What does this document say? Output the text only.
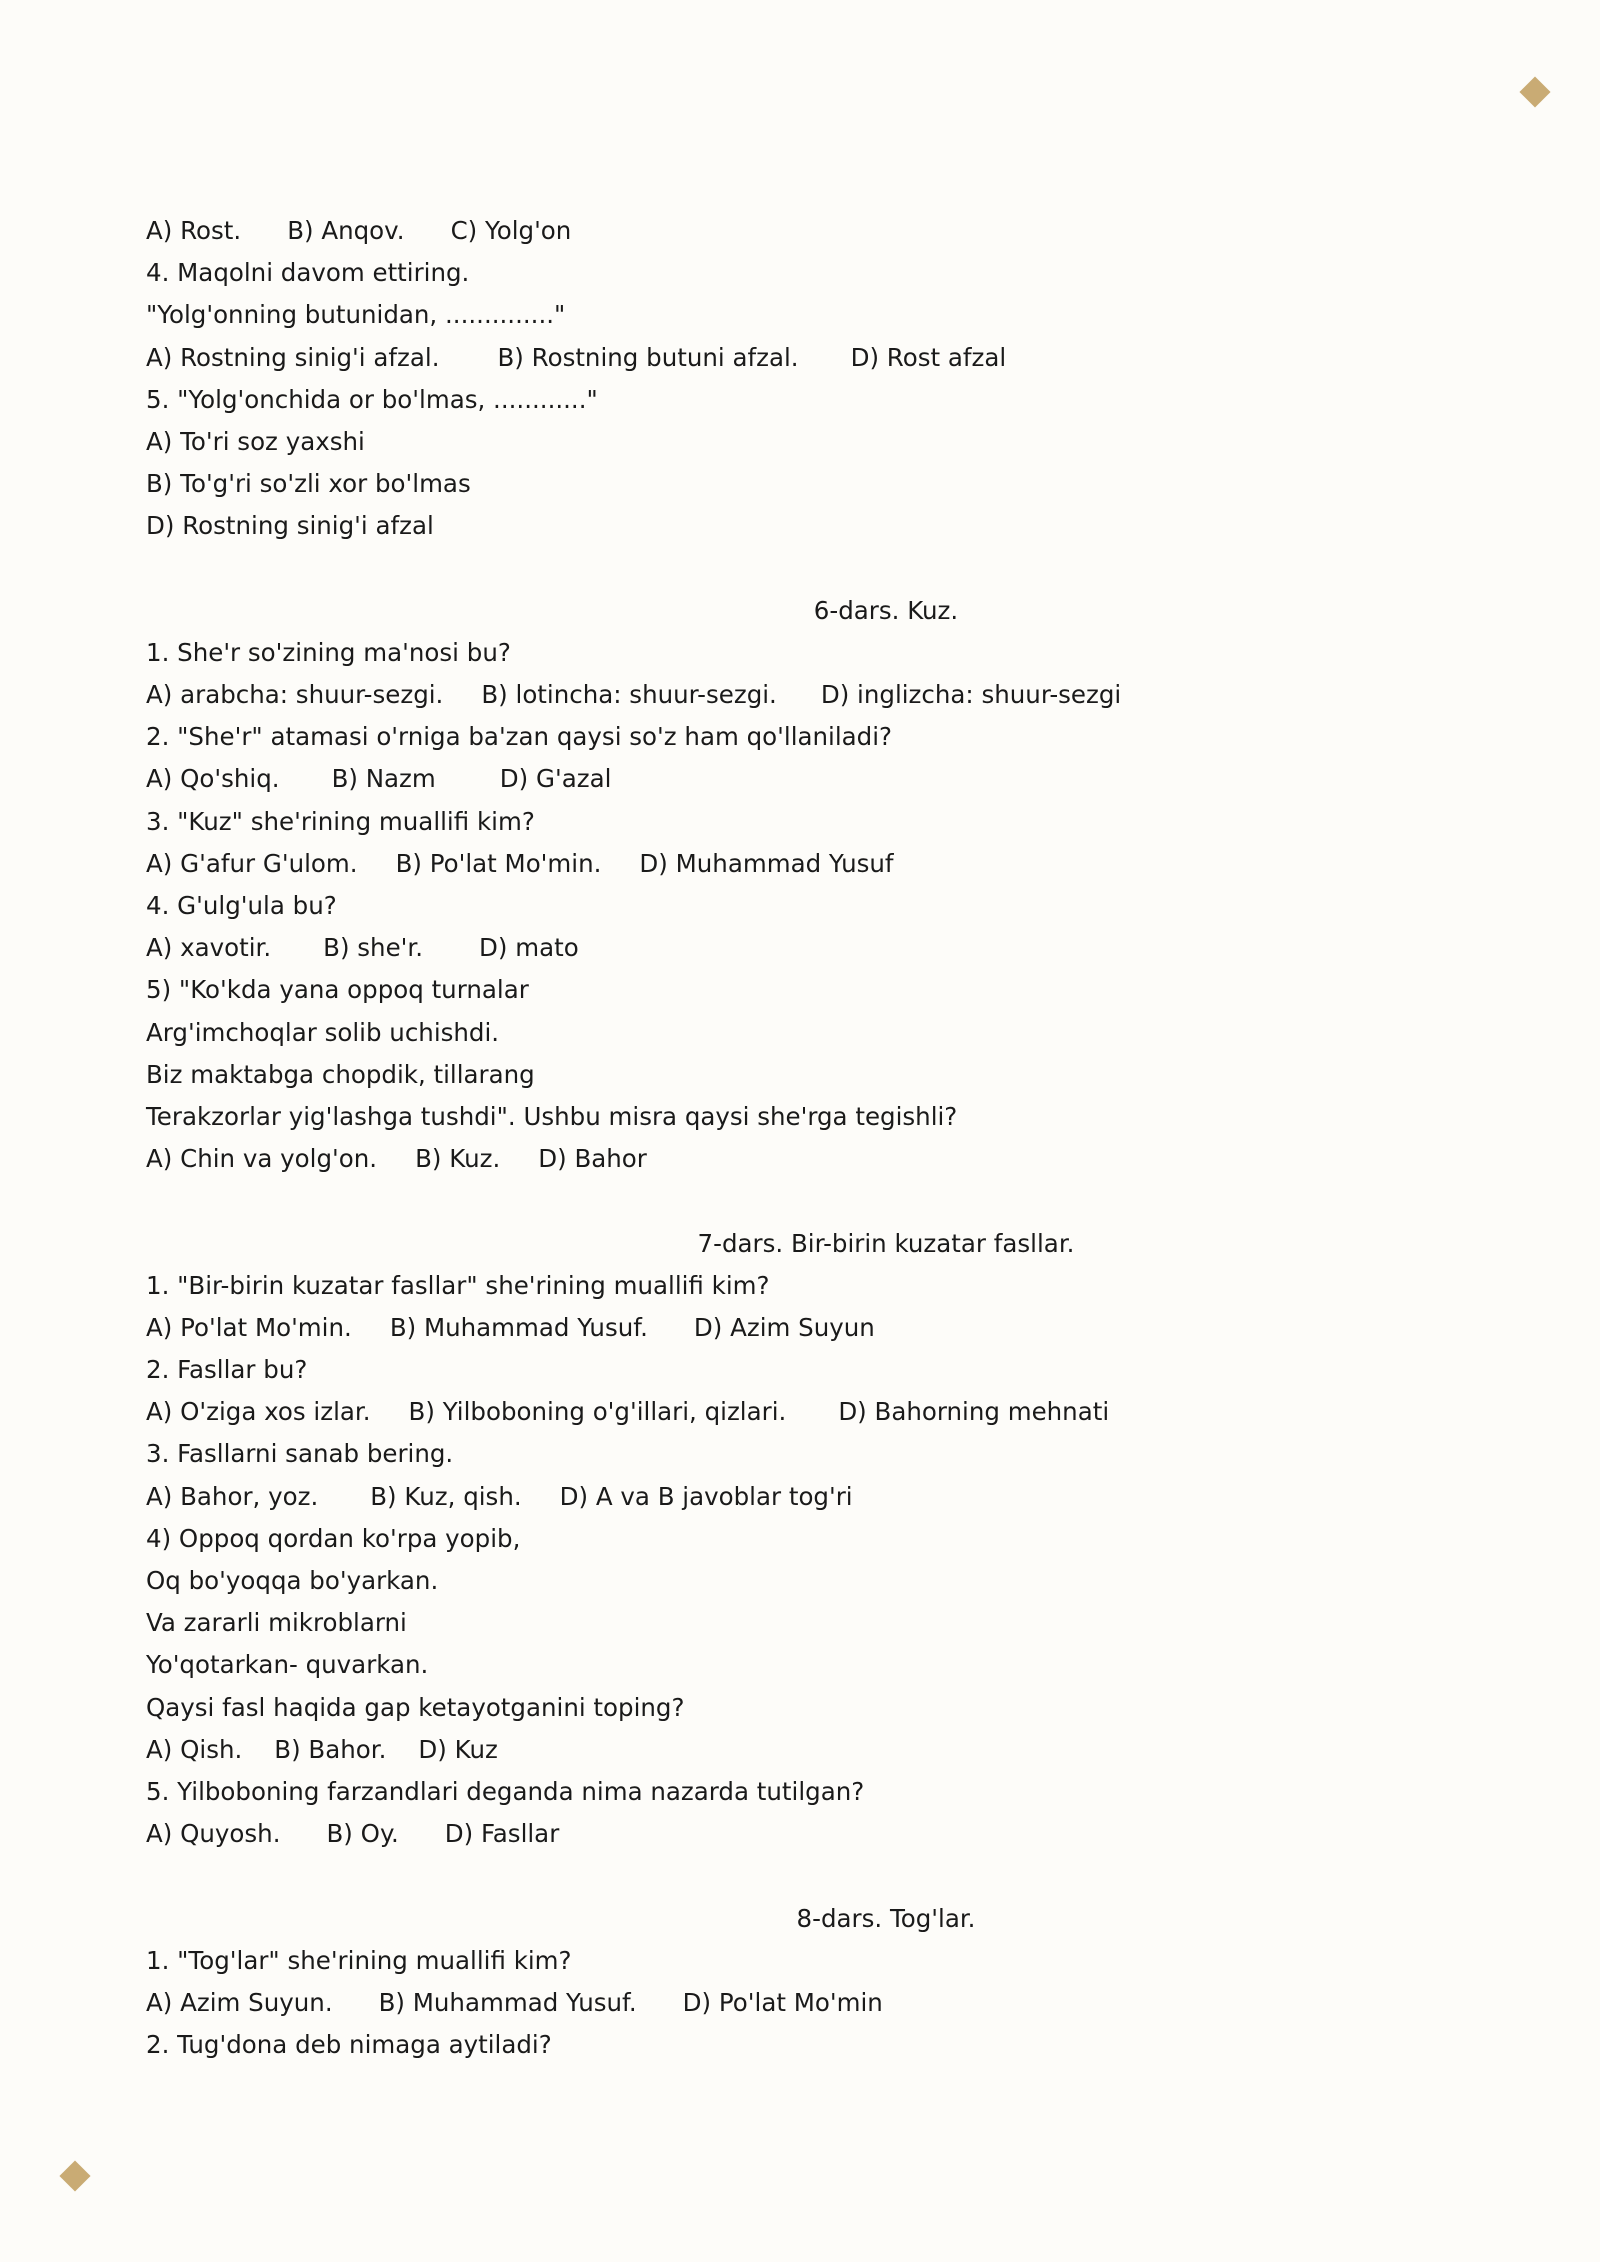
A) Rost. B) Anqov. C) Yolg'on
4. Maqolni davom ettiring.
"Yolg'onning butunidan, .............."
A) Rostning sinig'i afzal. B) Rostning butuni afzal. D) Rost afzal
5. "Yolg'onchida or bo'lmas, ............"
A) To'ri soz yaxshi
B) To'g'ri so'zli xor bo'lmas
D) Rostning sinig'i afzal
6-dars. Kuz.
1. She'r so'zining ma'nosi bu?
A) arabcha: shuur-sezgi. B) lotincha: shuur-sezgi. D) inglizcha: shuur-sezgi
2. "She'r" atamasi o'rniga ba'zan qaysi so'z ham qo'llaniladi?
A) Qo'shiq. B) Nazm	D) G'azal
3. "Kuz" she'rining muallifi kim?
A) G'afur G'ulom. B) Po'lat Mo'min. D) Muhammad Yusuf
4. G'ulg'ula bu?
A) xavotir. B) she'r. D) mato
5) "Ko'kda yana oppoq turnalar
Arg'imchoqlar solib uchishdi.
Biz maktabga chopdik, tillarang
Terakzorlar yig'lashga tushdi". Ushbu misra qaysi she'rga tegishli?
A) Chin va yolg'on. B) Kuz. D) Bahor
7-dars. Bir-birin kuzatar fasllar.
1. "Bir-birin kuzatar fasllar" she'rining muallifi kim?
A) Po'lat Mo'min. B) Muhammad Yusuf. D) Azim Suyun
2. Fasllar bu?
A) O'ziga xos izlar. B) Yilboboning o'g'illari, qizlari. D) Bahorning mehnati
3. Fasllarni sanab bering.
A) Bahor, yoz. B) Kuz, qish. D) A va B javoblar tog'ri
4) Oppoq qordan ko'rpa yopib,
Oq bo'yoqqa bo'yarkan.
Va zararli mikroblarni
Yo'qotarkan- quvarkan.
Qaysi fasl haqida gap ketayotganini toping?
A) Qish. B) Bahor. D) Kuz
5. Yilboboning farzandlari deganda nima nazarda tutilgan?
A) Quyosh. B) Oy. D) Fasllar
8-dars. Tog'lar.
1. "Tog'lar" she'rining muallifi kim?
A) Azim Suyun. B) Muhammad Yusuf. D) Po'lat Mo'min
2. Tug'dona deb nimaga aytiladi?
